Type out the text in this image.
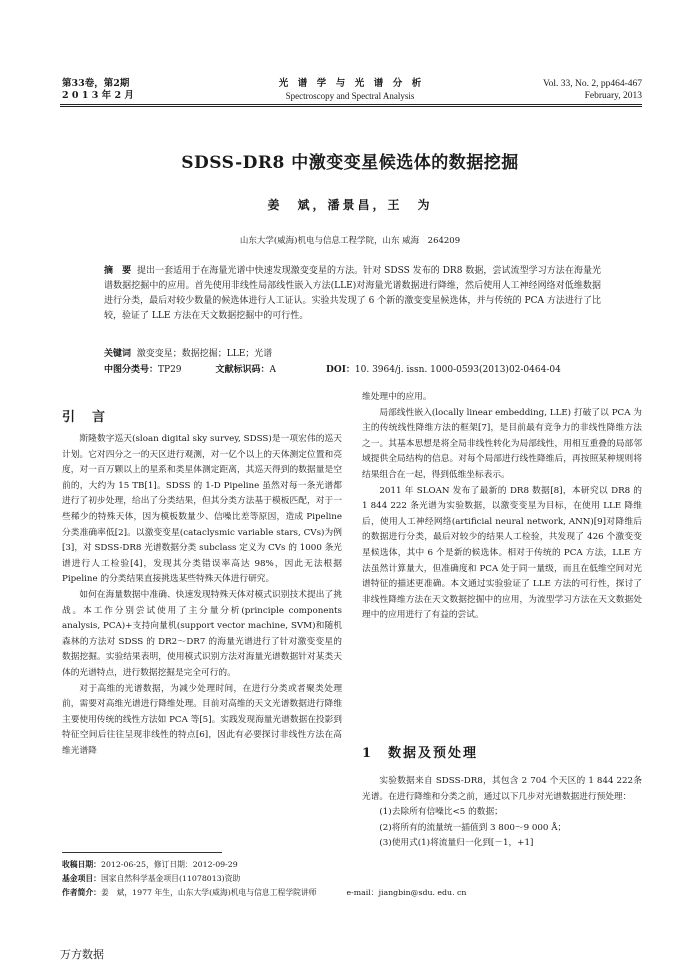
第33卷，第2期
2 0 1 3 年 2 月
光　谱　学　与　光　谱　分　析
Spectroscopy and Spectral Analysis
Vol. 33, No. 2, pp464-467
February, 2013
SDSS-DR8 中激变变星候选体的数据挖掘
姜　斌，潘景昌，王　为
山东大学(威海)机电与信息工程学院，山东 威海　264209
摘　要 提出一套适用于在海量光谱中快速发现激变变星的方法。针对 SDSS 发布的 DR8 数据，尝试流型学习方法在海量光谱数据挖掘中的应用。首先使用非线性局部线性嵌入方法(LLE)对海量光谱数据进行降维，然后使用人工神经网络对低维数据进行分类，最后对较少数量的候选体进行人工证认。实验共发现了 6 个新的激变变星候选体，并与传统的 PCA 方法进行了比较，验证了 LLE 方法在天文数据挖掘中的可行性。
关键词 激变变星；数据挖掘；LLE；光谱
中图分类号：TP29	文献标识码：A	DOI：10. 3964/j. issn. 1000-0593(2013)02-0464-04
引　言

斯隆数字巡天(sloan digital sky survey, SDSS)是一项宏伟的巡天计划。它对四分之一的天区进行观测，对一亿个以上的天体测定位置和亮度，对一百万颗以上的星系和类星体测定距离，其巡天得到的数据量是空前的，大约为 15 TB[1]。SDSS 的 1-D Pipeline 虽然对每一条光谱都进行了初步处理，给出了分类结果，但其分类方法基于模板匹配，对于一些稀少的特殊天体，因为模板数量少、信噪比差等原因，造成 Pipeline 分类准确率低[2]。以激变变星(cataclysmic variable stars, CVs)为例[3]，对 SDSS-DR8 光谱数据分类 subclass 定义为 CVs 的 1000 条光谱进行人工检验[4]，发现其分类错误率高达 98%，因此无法根据 Pipeline 的分类结果直接挑选某些特殊天体进行研究。

如何在海量数据中准确、快速发现特殊天体对模式识别技术提出了挑战。本工作分别尝试使用了主分量分析(principle components analysis, PCA)+支持向量机(support vector machine, SVM)和随机森林的方法对 SDSS 的 DR2～DR7 的海量光谱进行了针对激变变星的数据挖掘。实验结果表明，使用模式识别方法对海量光谱数据针对某类天体的光谱特点，进行数据挖掘是完全可行的。

对于高维的光谱数据，为减少处理时间，在进行分类或者聚类处理前，需要对高维光谱进行降维处理。目前对高维的天文光谱数据进行降维主要使用传统的线性方法如 PCA 等[5]。实践发现海量光谱数据在投影到特征空间后往往呈现非线性的特点[6]，因此有必要探讨非线性方法在高维光谱降

维处理中的应用。

局部线性嵌入(locally linear embedding, LLE) 打破了以 PCA 为主的传统线性降维方法的框架[7]，是目前最有竞争力的非线性降维方法之一。其基本思想是将全局非线性转化为局部线性，用相互重叠的局部邻域提供全局结构的信息。对每个局部进行线性降维后，再按照某种规则将结果组合在一起，得到低维坐标表示。

2011 年 SLOAN 发布了最新的 DR8 数据[8]，本研究以 DR8 的 1 844 222 条光谱为实验数据，以激变变星为目标，在使用 LLE 降维后，使用人工神经网络(artificial neural network, ANN)[9]对降维后的数据进行分类，最后对较少的结果人工检验，共发现了 426 个激变变星候选体，其中 6 个是新的候选体。相对于传统的 PCA 方法，LLE 方法虽然计算量大，但准确度和 PCA 处于同一量级，而且在低维空间对光谱特征的描述更准确。本文通过实验验证了 LLE 方法的可行性，探讨了非线性降维方法在天文数据挖掘中的应用，为流型学习方法在天文数据处理中的应用进行了有益的尝试。

1　数据及预处理

实验数据来自 SDSS-DR8，其包含 2 704 个天区的 1 844 222条光谱。在进行降维和分类之前，通过以下几步对光谱数据进行预处理：

(1)去除所有信噪比<5 的数据；

(2)将所有的流量统一插值到 3 800～9 000 Å；

(3)使用式(1)将流量归一化到[－1，+1]

收稿日期：2012-06-25，修订日期：2012-09-29
基金项目：国家自然科学基金项目(11078013)资助
作者简介：姜　斌，1977 年生，山东大学(威海)机电与信息工程学院讲师	e-mail：jiangbin@sdu. edu. cn
万方数据
